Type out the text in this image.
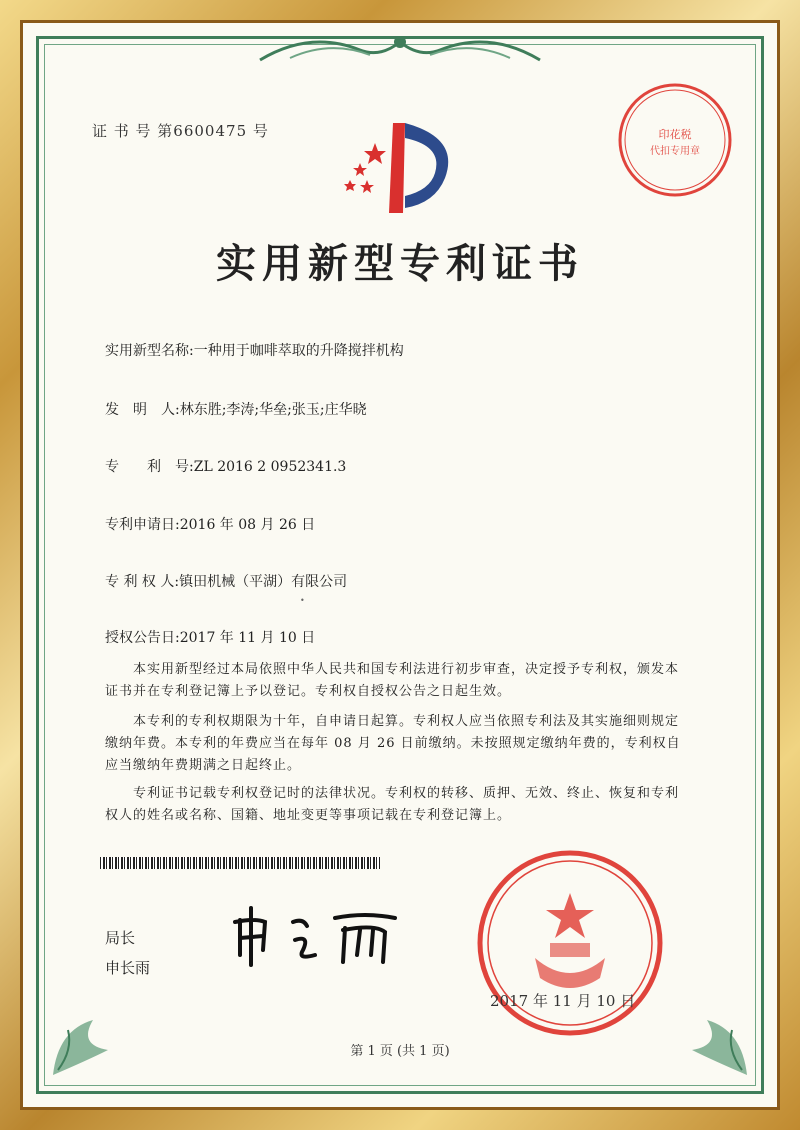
证 书 号 第6600475 号	印花税
代扣专用章
实用新型专利证书
实用新型名称:一种用于咖啡萃取的升降搅拌机构
发　明　人:林东胜;李涛;华垒;张玉;庄华晓
专　　利　号:ZL 2016 2 0952341.3
专利申请日:2016 年 08 月 26 日
专 利 权 人:镇田机械（平湖）有限公司
•
授权公告日:2017 年 11 月 10 日
本实用新型经过本局依照中华人民共和国专利法进行初步审查，决定授予专利权，颁发本证书并在专利登记簿上予以登记。专利权自授权公告之日起生效。
本专利的专利权期限为十年，自申请日起算。专利权人应当依照专利法及其实施细则规定缴纳年费。本专利的年费应当在每年 08 月 26 日前缴纳。未按照规定缴纳年费的，专利权自应当缴纳年费期满之日起终止。
专利证书记载专利权登记时的法律状况。专利权的转移、质押、无效、终止、恢复和专利权人的姓名或名称、国籍、地址变更等事项记载在专利登记簿上。
局长
申长雨
2017 年 11 月 10 日
第 1 页 (共 1 页)
